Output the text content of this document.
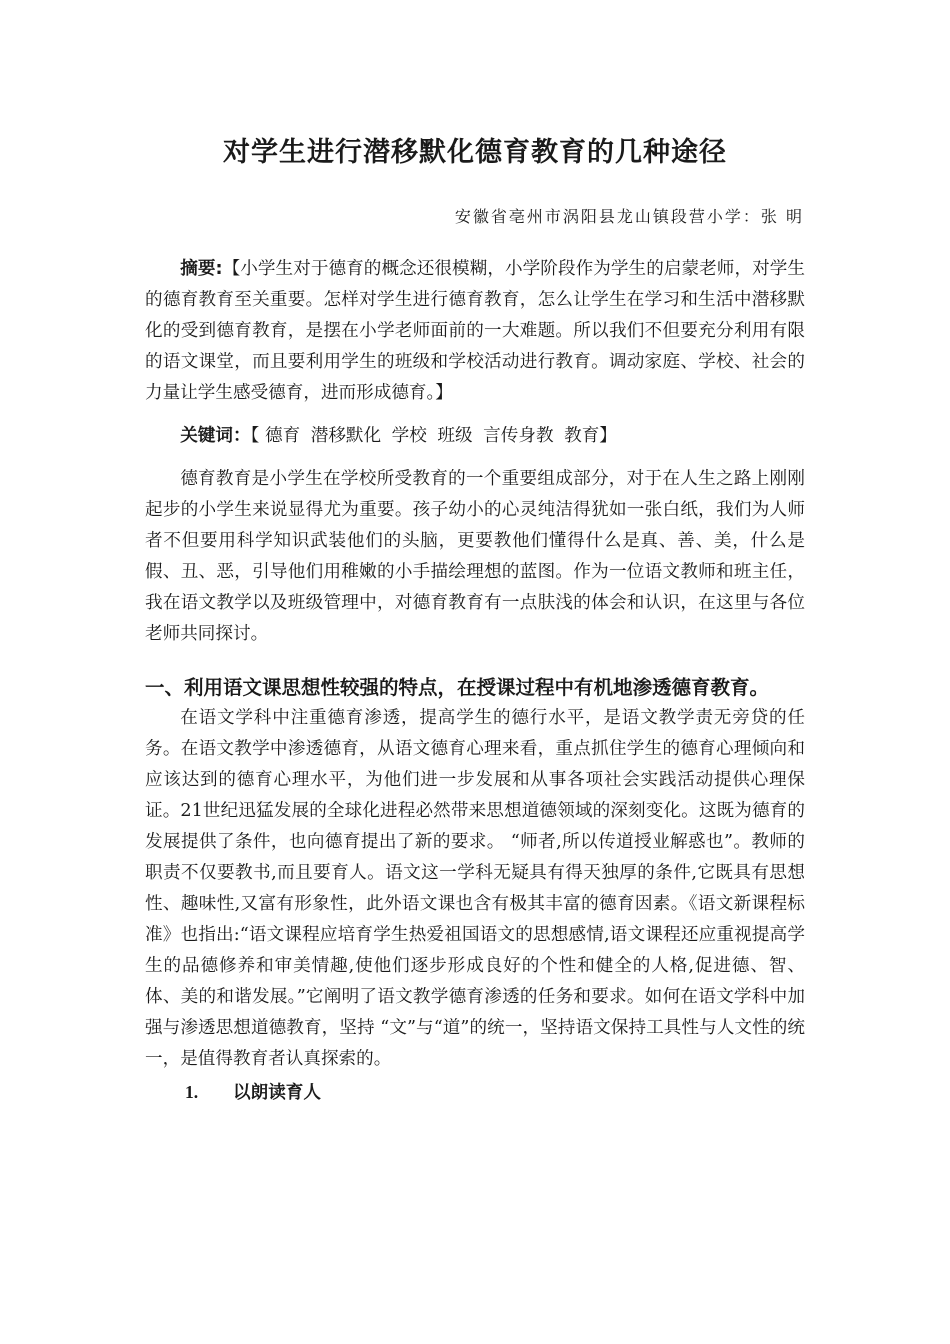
对学生进行潜移默化德育教育的几种途径

安徽省亳州市涡阳县龙山镇段营小学：张 明

摘要:【小学生对于德育的概念还很模糊，小学阶段作为学生的启蒙老师，对学生的德育教育至关重要。怎样对学生进行德育教育，怎么让学生在学习和生活中潜移默化的受到德育教育，是摆在小学老师面前的一大难题。所以我们不但要充分利用有限的语文课堂，而且要利用学生的班级和学校活动进行教育。调动家庭、学校、社会的力量让学生感受德育，进而形成德育。】

关键词：【 德育 潜移默化 学校 班级 言传身教 教育】

德育教育是小学生在学校所受教育的一个重要组成部分，对于在人生之路上刚刚起步的小学生来说显得尤为重要。孩子幼小的心灵纯洁得犹如一张白纸，我们为人师者不但要用科学知识武装他们的头脑，更要教他们懂得什么是真、善、美，什么是假、丑、恶，引导他们用稚嫩的小手描绘理想的蓝图。作为一位语文教师和班主任，我在语文教学以及班级管理中，对德育教育有一点肤浅的体会和认识，在这里与各位老师共同探讨。

一、利用语文课思想性较强的特点，在授课过程中有机地渗透德育教育。

在语文学科中注重德育渗透，提高学生的德行水平，是语文教学责无旁贷的任务。在语文教学中渗透德育，从语文德育心理来看，重点抓住学生的德育心理倾向和应该达到的德育心理水平，为他们进一步发展和从事各项社会实践活动提供心理保证。21世纪迅猛发展的全球化进程必然带来思想道德领域的深刻变化。这既为德育的发展提供了条件，也向德育提出了新的要求。 “师者,所以传道授业解惑也”。教师的职责不仅要教书,而且要育人。语文这一学科无疑具有得天独厚的条件,它既具有思想性、趣味性,又富有形象性，此外语文课也含有极其丰富的德育因素。《语文新课程标准》也指出:“语文课程应培育学生热爱祖国语文的思想感情,语文课程还应重视提高学生的品德修养和审美情趣,使他们逐步形成良好的个性和健全的人格,促进德、智、体、美的和谐发展。”它阐明了语文教学德育渗透的任务和要求。如何在语文学科中加强与渗透思想道德教育，坚持 “文”与“道”的统一，坚持语文保持工具性与人文性的统一，是值得教育者认真探索的。

1. 以朗读育人
